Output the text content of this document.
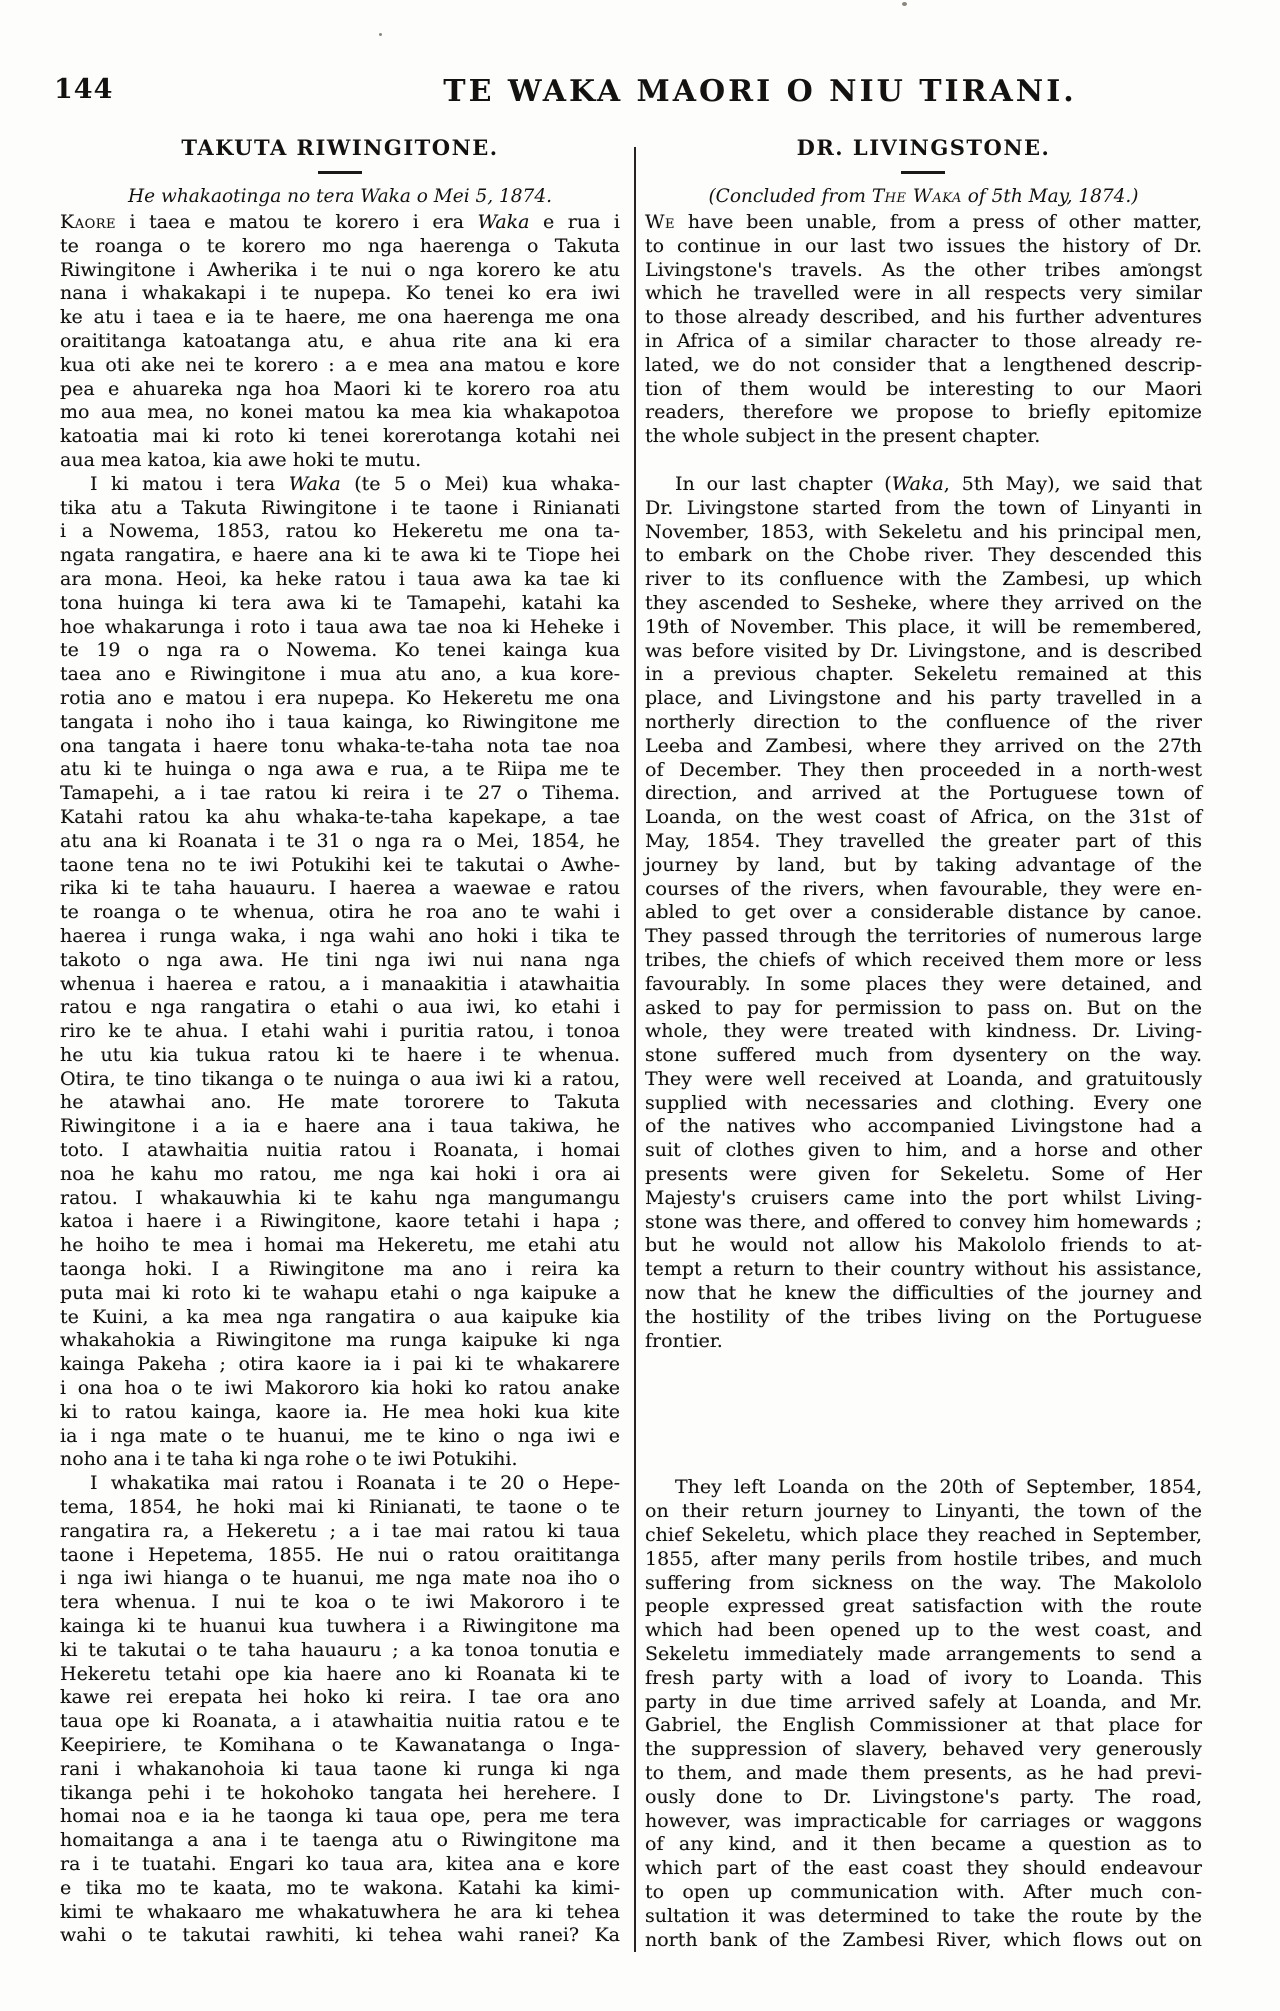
144	TE WAKA MAORI O NIU TIRANI.
TAKUTA RIWINGITONE.	DR. LIVINGSTONE.
He whakaotinga no tera Waka o Mei 5, 1874.	(Concluded from The Waka of 5th May, 1874.)
Kaore i taea e matou te korero i era Waka e rua i
te roanga o te korero mo nga haerenga o Takuta
Riwingitone i Awherika i te nui o nga korero ke atu
nana i whakakapi i te nupepa. Ko tenei ko era iwi
ke atu i taea e ia te haere, me ona haerenga me ona
oraititanga katoatanga atu, e ahua rite ana ki era
kua oti ake nei te korero : a e mea ana matou e kore
pea e ahuareka nga hoa Maori ki te korero roa atu
mo aua mea, no konei matou ka mea kia whakapotoa
katoatia mai ki roto ki tenei korerotanga kotahi nei
aua mea katoa, kia awe hoki te mutu.
I ki matou i tera Waka (te 5 o Mei) kua whaka-
tika atu a Takuta Riwingitone i te taone i Rinianati
i a Nowema, 1853, ratou ko Hekeretu me ona ta-
ngata rangatira, e haere ana ki te awa ki te Tiope hei
ara mona. Heoi, ka heke ratou i taua awa ka tae ki
tona huinga ki tera awa ki te Tamapehi, katahi ka
hoe whakarunga i roto i taua awa tae noa ki Heheke i
te 19 o nga ra o Nowema. Ko tenei kainga kua
taea ano e Riwingitone i mua atu ano, a kua kore-
rotia ano e matou i era nupepa. Ko Hekeretu me ona
tangata i noho iho i taua kainga, ko Riwingitone me
ona tangata i haere tonu whaka-te-taha nota tae noa
atu ki te huinga o nga awa e rua, a te Riipa me te
Tamapehi, a i tae ratou ki reira i te 27 o Tihema.
Katahi ratou ka ahu whaka-te-taha kapekape, a tae
atu ana ki Roanata i te 31 o nga ra o Mei, 1854, he
taone tena no te iwi Potukihi kei te takutai o Awhe-
rika ki te taha hauauru. I haerea a waewae e ratou
te roanga o te whenua, otira he roa ano te wahi i
haerea i runga waka, i nga wahi ano hoki i tika te
takoto o nga awa. He tini nga iwi nui nana nga
whenua i haerea e ratou, a i manaakitia i atawhaitia
ratou e nga rangatira o etahi o aua iwi, ko etahi i
riro ke te ahua. I etahi wahi i puritia ratou, i tonoa
he utu kia tukua ratou ki te haere i te whenua.
Otira, te tino tikanga o te nuinga o aua iwi ki a ratou,
he atawhai ano. He mate tororere to Takuta
Riwingitone i a ia e haere ana i taua takiwa, he
toto. I atawhaitia nuitia ratou i Roanata, i homai
noa he kahu mo ratou, me nga kai hoki i ora ai
ratou. I whakauwhia ki te kahu nga mangumangu
katoa i haere i a Riwingitone, kaore tetahi i hapa ;
he hoiho te mea i homai ma Hekeretu, me etahi atu
taonga hoki. I a Riwingitone ma ano i reira ka
puta mai ki roto ki te wahapu etahi o nga kaipuke a
te Kuini, a ka mea nga rangatira o aua kaipuke kia
whakahokia a Riwingitone ma runga kaipuke ki nga
kainga Pakeha ; otira kaore ia i pai ki te whakarere
i ona hoa o te iwi Makororo kia hoki ko ratou anake
ki to ratou kainga, kaore ia. He mea hoki kua kite
ia i nga mate o te huanui, me te kino o nga iwi e
noho ana i te taha ki nga rohe o te iwi Potukihi.
I whakatika mai ratou i Roanata i te 20 o Hepe-
tema, 1854, he hoki mai ki Rinianati, te taone o te
rangatira ra, a Hekeretu ; a i tae mai ratou ki taua
taone i Hepetema, 1855. He nui o ratou oraititanga
i nga iwi hianga o te huanui, me nga mate noa iho o
tera whenua. I nui te koa o te iwi Makororo i te
kainga ki te huanui kua tuwhera i a Riwingitone ma
ki te takutai o te taha hauauru ; a ka tonoa tonutia e
Hekeretu tetahi ope kia haere ano ki Roanata ki te
kawe rei erepata hei hoko ki reira. I tae ora ano
taua ope ki Roanata, a i atawhaitia nuitia ratou e te
Keepiriere, te Komihana o te Kawanatanga o Inga-
rani i whakanohoia ki taua taone ki runga ki nga
tikanga pehi i te hokohoko tangata hei herehere. I
homai noa e ia he taonga ki taua ope, pera me tera
homaitanga a ana i te taenga atu o Riwingitone ma
ra i te tuatahi. Engari ko taua ara, kitea ana e kore
e tika mo te kaata, mo te wakona. Katahi ka kimi-
kimi te whakaaro me whakatuwhera he ara ki tehea
wahi o te takutai rawhiti, ki tehea wahi ranei? Ka
We have been unable, from a press of other matter,
to continue in our last two issues the history of Dr.
Livingstone's travels. As the other tribes amongst
which he travelled were in all respects very similar
to those already described, and his further adventures
in Africa of a similar character to those already re-
lated, we do not consider that a lengthened descrip-
tion of them would be interesting to our Maori
readers, therefore we propose to briefly epitomize
the whole subject in the present chapter.
In our last chapter (Waka, 5th May), we said that
Dr. Livingstone started from the town of Linyanti in
November, 1853, with Sekeletu and his principal men,
to embark on the Chobe river. They descended this
river to its confluence with the Zambesi, up which
they ascended to Sesheke, where they arrived on the
19th of November. This place, it will be remembered,
was before visited by Dr. Livingstone, and is described
in a previous chapter. Sekeletu remained at this
place, and Livingstone and his party travelled in a
northerly direction to the confluence of the river
Leeba and Zambesi, where they arrived on the 27th
of December. They then proceeded in a north-west
direction, and arrived at the Portuguese town of
Loanda, on the west coast of Africa, on the 31st of
May, 1854. They travelled the greater part of this
journey by land, but by taking advantage of the
courses of the rivers, when favourable, they were en-
abled to get over a considerable distance by canoe.
They passed through the territories of numerous large
tribes, the chiefs of which received them more or less
favourably. In some places they were detained, and
asked to pay for permission to pass on. But on the
whole, they were treated with kindness. Dr. Living-
stone suffered much from dysentery on the way.
They were well received at Loanda, and gratuitously
supplied with necessaries and clothing. Every one
of the natives who accompanied Livingstone had a
suit of clothes given to him, and a horse and other
presents were given for Sekeletu. Some of Her
Majesty's cruisers came into the port whilst Living-
stone was there, and offered to convey him homewards ;
but he would not allow his Makololo friends to at-
tempt a return to their country without his assistance,
now that he knew the difficulties of the journey and
the hostility of the tribes living on the Portuguese
frontier.
They left Loanda on the 20th of September, 1854,
on their return journey to Linyanti, the town of the
chief Sekeletu, which place they reached in September,
1855, after many perils from hostile tribes, and much
suffering from sickness on the way. The Makololo
people expressed great satisfaction with the route
which had been opened up to the west coast, and
Sekeletu immediately made arrangements to send a
fresh party with a load of ivory to Loanda. This
party in due time arrived safely at Loanda, and Mr.
Gabriel, the English Commissioner at that place for
the suppression of slavery, behaved very generously
to them, and made them presents, as he had previ-
ously done to Dr. Livingstone's party. The road,
however, was impracticable for carriages or waggons
of any kind, and it then became a question as to
which part of the east coast they should endeavour
to open up communication with. After much con-
sultation it was determined to take the route by the
north bank of the Zambesi River, which flows out on
